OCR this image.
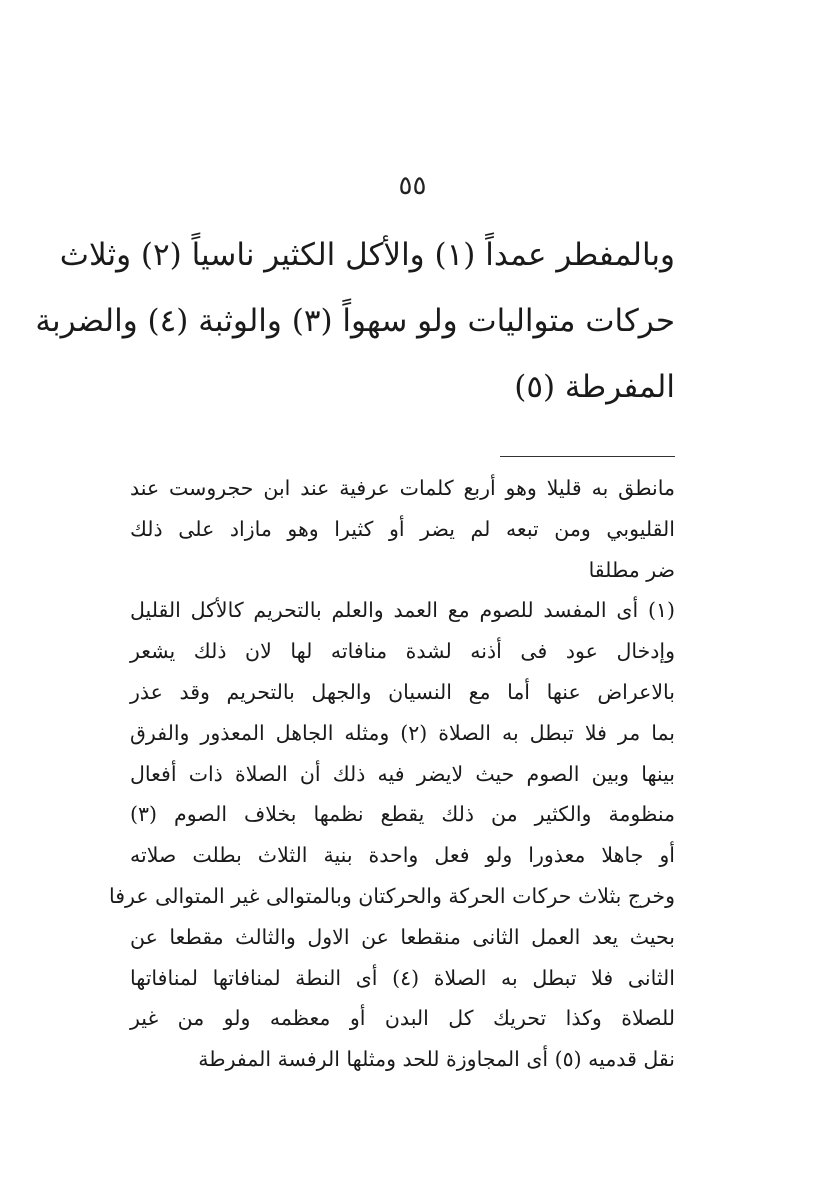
٥٥
وبالمفطر عمداً (١) والأكل الكثير ناسياً (٢) وثلاث
حركات متواليات ولو سهواً (٣) والوثبة (٤) والضربة
المفرطة (٥)
مانطق به قليلا وهو أربع كلمات عرفية عند ابن حجروست عند
القليوبي ومن تبعه لم يضر أو كثيرا وهو مازاد على ذلك
ضر مطلقا
(١) أى المفسد للصوم مع العمد والعلم بالتحريم كالأكل القليل
وإدخال عود فى أذنه لشدة منافاته لها لان ذلك يشعر
بالاعراض عنها أما مع النسيان والجهل بالتحريم وقد عذر
بما مر فلا تبطل به الصلاة (٢) ومثله الجاهل المعذور والفرق
بينها وبين الصوم حيث لايضر فيه ذلك أن الصلاة ذات أفعال
منظومة والكثير من ذلك يقطع نظمها بخلاف الصوم (٣)
أو جاهلا معذورا ولو فعل واحدة بنية الثلاث بطلت صلاته
وخرج بثلاث حركات الحركة والحركتان وبالمتوالى غير المتوالى عرفا
بحيث يعد العمل الثانى منقطعا عن الاول والثالث مقطعا عن
الثانى فلا تبطل به الصلاة (٤) أى النطة لمنافاتها لمنافاتها
للصلاة وكذا تحريك كل البدن أو معظمه ولو من غير
نقل قدميه (٥) أى المجاوزة للحد ومثلها الرفسة المفرطة
